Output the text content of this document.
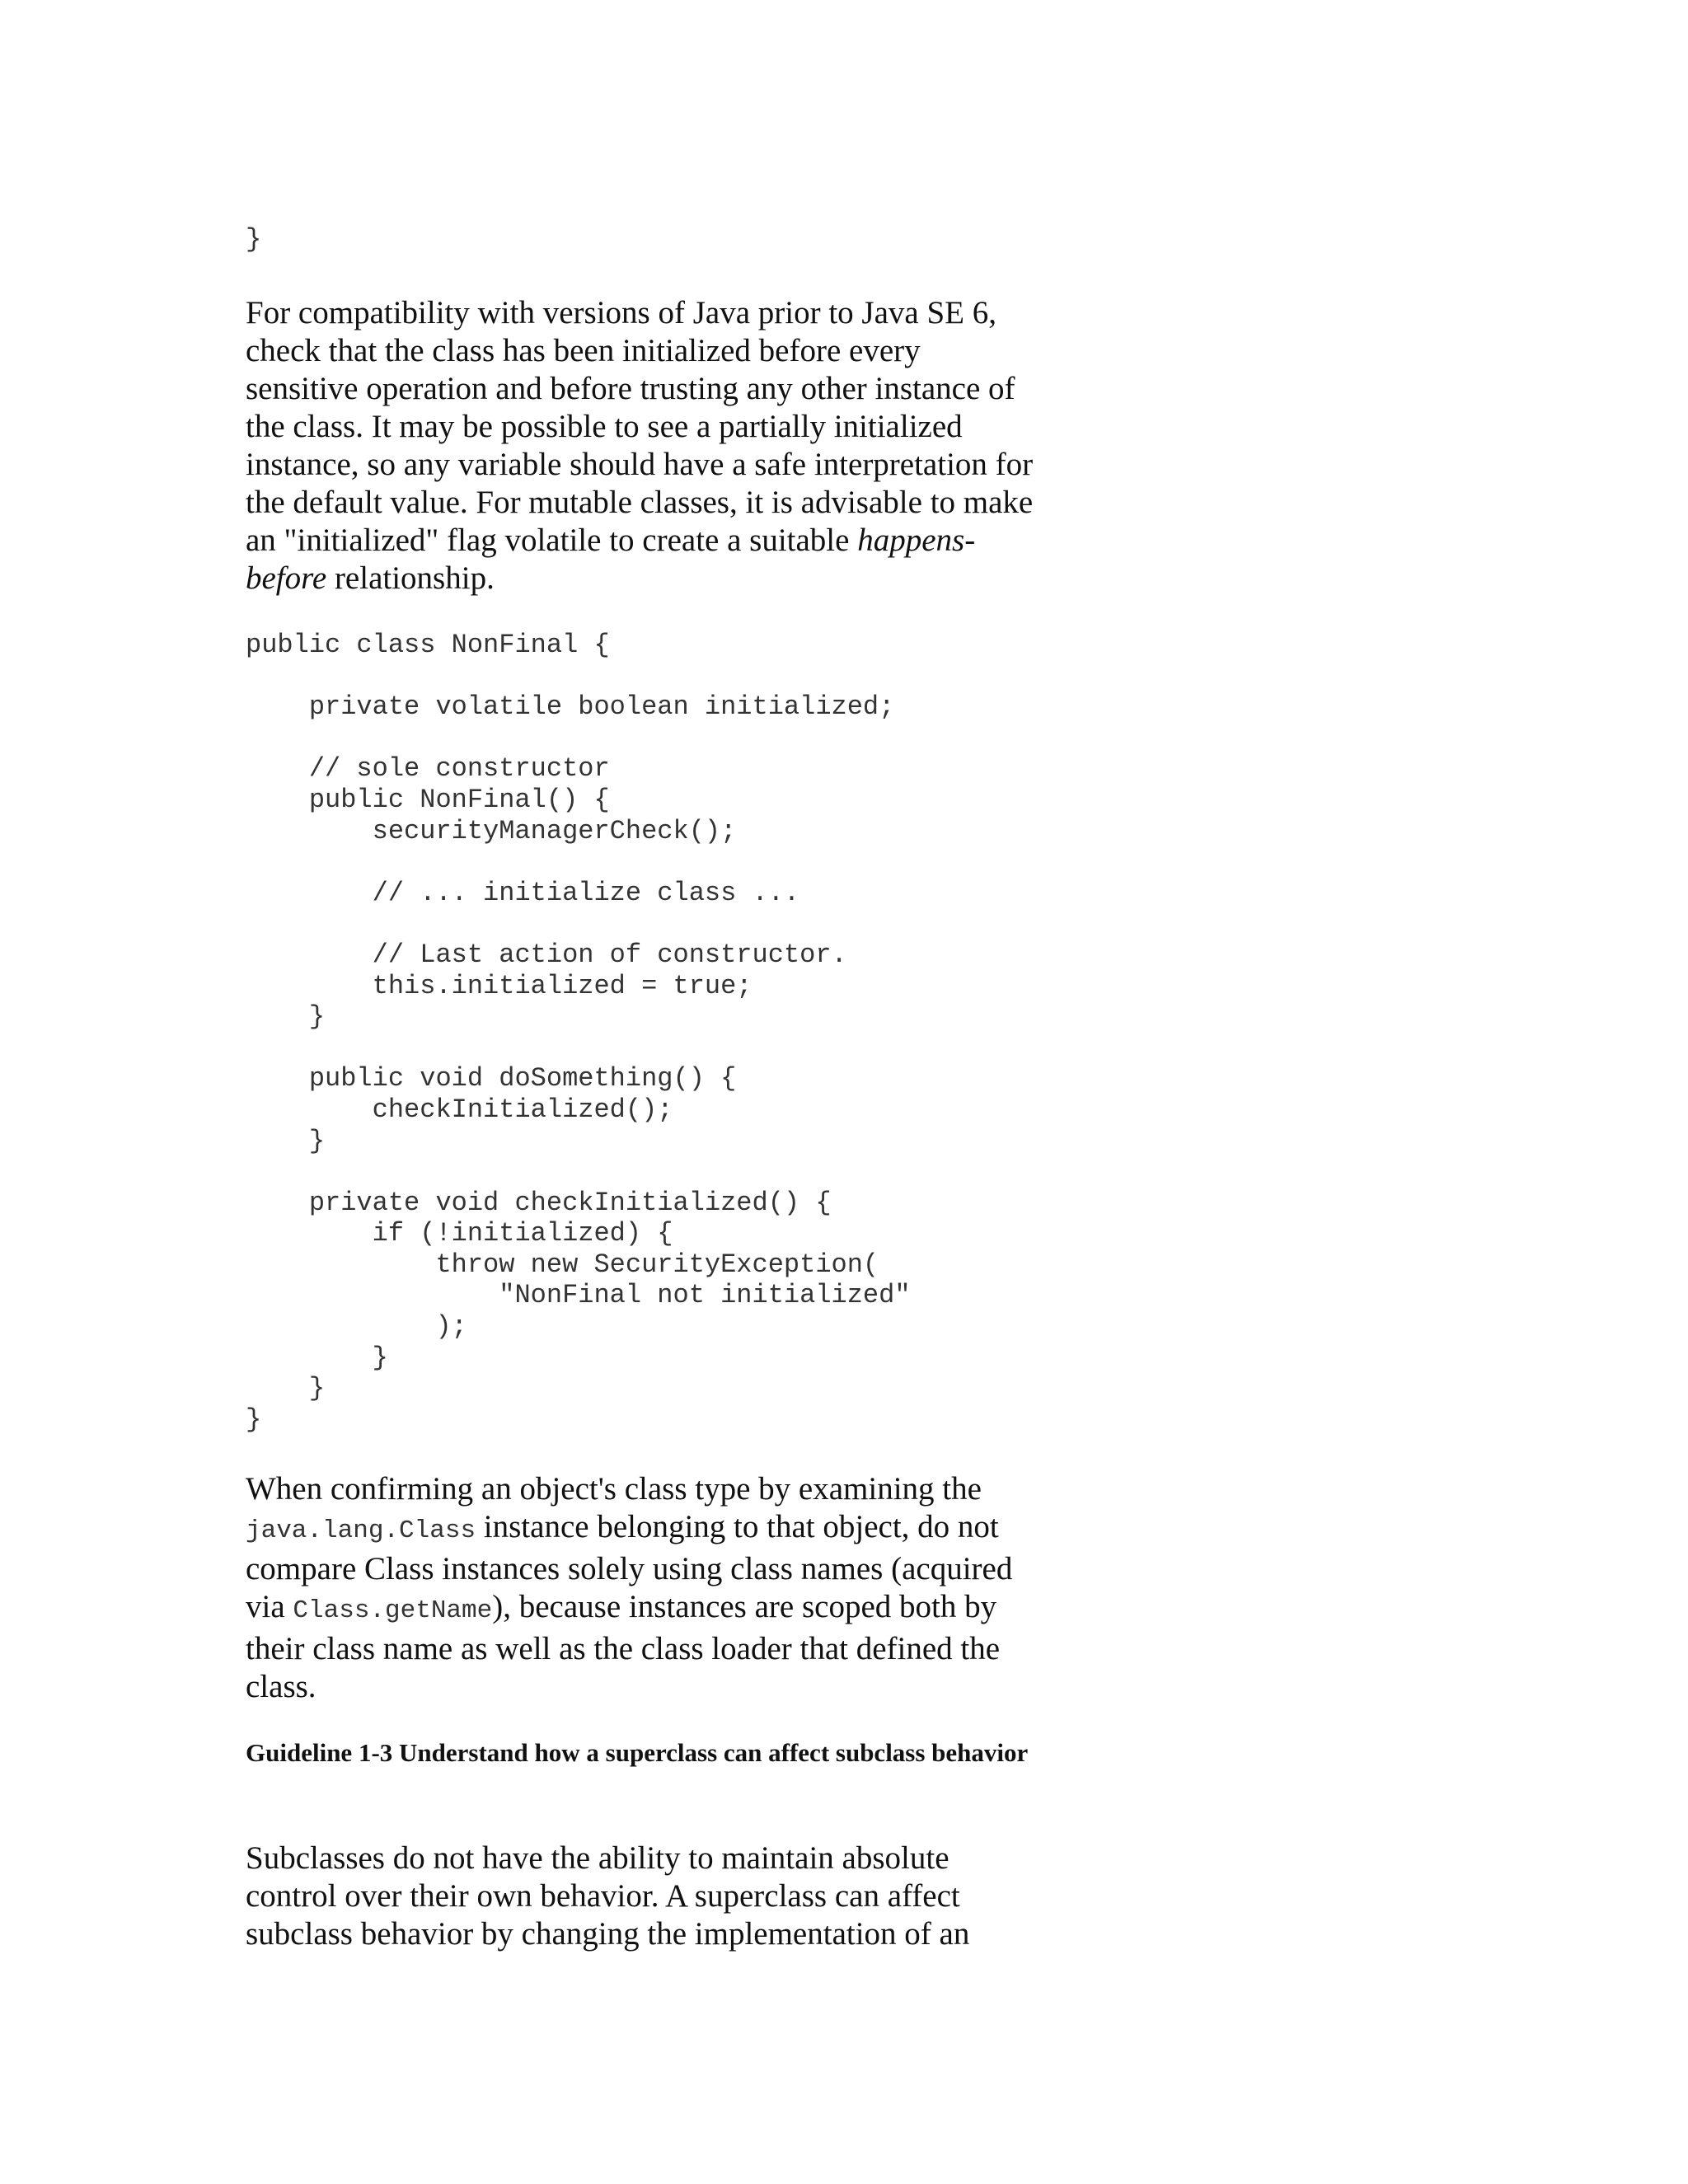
}

For compatibility with versions of Java prior to Java SE 6, check that the class has been initialized before every sensitive operation and before trusting any other instance of the class. It may be possible to see a partially initialized instance, so any variable should have a safe interpretation for the default value. For mutable classes, it is advisable to make an "initialized" flag volatile to create a suitable happens-before relationship.

public class NonFinal {

private volatile boolean initialized;

// sole constructor
public NonFinal() {
securityManagerCheck();

// ... initialize class ...

// Last action of constructor.
this.initialized = true;
}

public void doSomething() {
checkInitialized();
}

private void checkInitialized() {
if (!initialized) {
throw new SecurityException(
"NonFinal not initialized"
);
}
}
}

When confirming an object's class type by examining the java.lang.Class instance belonging to that object, do not compare Class instances solely using class names (acquired via Class.getName), because instances are scoped both by their class name as well as the class loader that defined the class.

Guideline 1-3 Understand how a superclass can affect subclass behavior

Subclasses do not have the ability to maintain absolute control over their own behavior. A superclass can affect subclass behavior by changing the implementation of an
